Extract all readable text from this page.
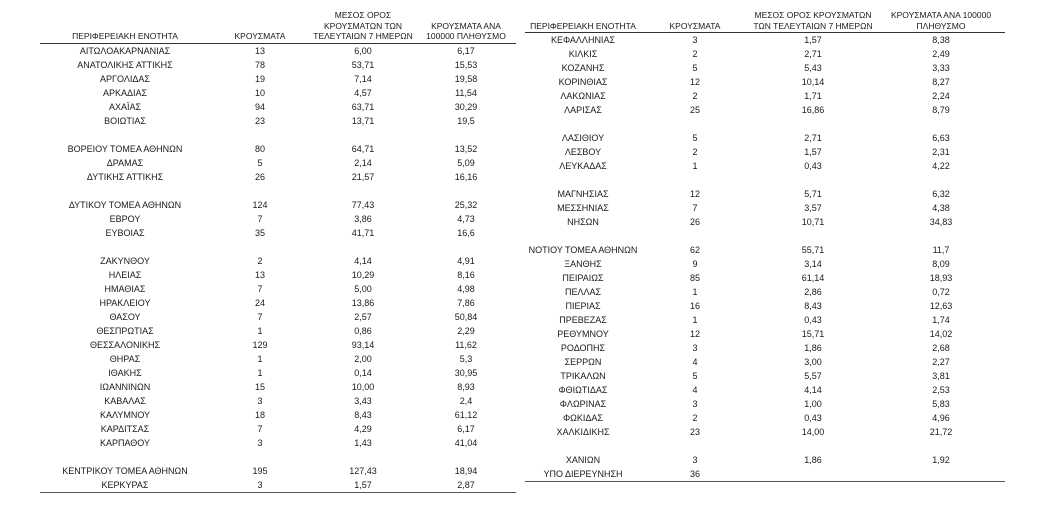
ΠΕΡΙΦΕΡΕΙΑΚΗ ΕΝΟΤΗΤΑ	ΚΡΟΥΣΜΑΤΑ	ΜΕΣΟΣ ΟΡΟΣ ΚΡΟΥΣΜΑΤΩΝ ΤΩΝ ΤΕΛΕΥΤΑΙΩΝ 7 ΗΜΕΡΩΝ	ΚΡΟΥΣΜΑΤΑ ΑΝΑ 100000 ΠΛΗΘΥΣΜΟ
ΑΙΤΩΛΟΑΚΑΡΝΑΝΙΑΣ	13	6,00	6,17
ΑΝΑΤΟΛΙΚΗΣ ΑΤΤΙΚΗΣ	78	53,71	15,53
ΑΡΓΟΛΙΔΑΣ	19	7,14	19,58
ΑΡΚΑΔΙΑΣ	10	4,57	11,54
ΑΧΑΪΑΣ	94	63,71	30,29
ΒΟΙΩΤΙΑΣ	23	13,71	19,5

ΒΟΡΕΙΟΥ ΤΟΜΕΑ ΑΘΗΝΩΝ	80	64,71	13,52
ΔΡΑΜΑΣ	5	2,14	5,09
ΔΥΤΙΚΗΣ ΑΤΤΙΚΗΣ	26	21,57	16,16

ΔΥΤΙΚΟΥ ΤΟΜΕΑ ΑΘΗΝΩΝ	124	77,43	25,32
ΕΒΡΟΥ	7	3,86	4,73
ΕΥΒΟΙΑΣ	35	41,71	16,6

ΖΑΚΥΝΘΟΥ	2	4,14	4,91
ΗΛΕΙΑΣ	13	10,29	8,16
ΗΜΑΘΙΑΣ	7	5,00	4,98
ΗΡΑΚΛΕΙΟΥ	24	13,86	7,86
ΘΑΣΟΥ	7	2,57	50,84
ΘΕΣΠΡΩΤΙΑΣ	1	0,86	2,29
ΘΕΣΣΑΛΟΝΙΚΗΣ	129	93,14	11,62
ΘΗΡΑΣ	1	2,00	5,3
ΙΘΑΚΗΣ	1	0,14	30,95
ΙΩΑΝΝΙΝΩΝ	15	10,00	8,93
ΚΑΒΑΛΑΣ	3	3,43	2,4
ΚΑΛΥΜΝΟΥ	18	8,43	61,12
ΚΑΡΔΙΤΣΑΣ	7	4,29	6,17
ΚΑΡΠΑΘΟΥ	3	1,43	41,04

ΚΕΝΤΡΙΚΟΥ ΤΟΜΕΑ ΑΘΗΝΩΝ	195	127,43	18,94
ΚΕΡΚΥΡΑΣ	3	1,57	2,87
ΠΕΡΙΦΕΡΕΙΑΚΗ ΕΝΟΤΗΤΑ	ΚΡΟΥΣΜΑΤΑ	ΜΕΣΟΣ ΟΡΟΣ ΚΡΟΥΣΜΑΤΩΝ ΤΩΝ ΤΕΛΕΥΤΑΙΩΝ 7 ΗΜΕΡΩΝ	ΚΡΟΥΣΜΑΤΑ ΑΝΑ 100000 ΠΛΗΘΥΣΜΟ
ΚΕΦΑΛΛΗΝΙΑΣ	3	1,57	8,38
ΚΙΛΚΙΣ	2	2,71	2,49
ΚΟΖΑΝΗΣ	5	5,43	3,33
ΚΟΡΙΝΘΙΑΣ	12	10,14	8,27
ΛΑΚΩΝΙΑΣ	2	1,71	2,24
ΛΑΡΙΣΑΣ	25	16,86	8,79

ΛΑΣΙΘΙΟΥ	5	2,71	6,63
ΛΕΣΒΟΥ	2	1,57	2,31
ΛΕΥΚΑΔΑΣ	1	0,43	4,22

ΜΑΓΝΗΣΙΑΣ	12	5,71	6,32
ΜΕΣΣΗΝΙΑΣ	7	3,57	4,38
ΝΗΣΩΝ	26	10,71	34,83

ΝΟΤΙΟΥ ΤΟΜΕΑ ΑΘΗΝΩΝ	62	55,71	11,7
ΞΑΝΘΗΣ	9	3,14	8,09
ΠΕΙΡΑΙΩΣ	85	61,14	18,93
ΠΕΛΛΑΣ	1	2,86	0,72
ΠΙΕΡΙΑΣ	16	8,43	12,63
ΠΡΕΒΕΖΑΣ	1	0,43	1,74
ΡΕΘΥΜΝΟΥ	12	15,71	14,02
ΡΟΔΟΠΗΣ	3	1,86	2,68
ΣΕΡΡΩΝ	4	3,00	2,27
ΤΡΙΚΑΛΩΝ	5	5,57	3,81
ΦΘΙΩΤΙΔΑΣ	4	4,14	2,53
ΦΛΩΡΙΝΑΣ	3	1,00	5,83
ΦΩΚΙΔΑΣ	2	0,43	4,96
ΧΑΛΚΙΔΙΚΗΣ	23	14,00	21,72

ΧΑΝΙΩΝ	3	1,86	1,92
ΥΠΟ ΔΙΕΡΕΥΝΗΣΗ	36		
